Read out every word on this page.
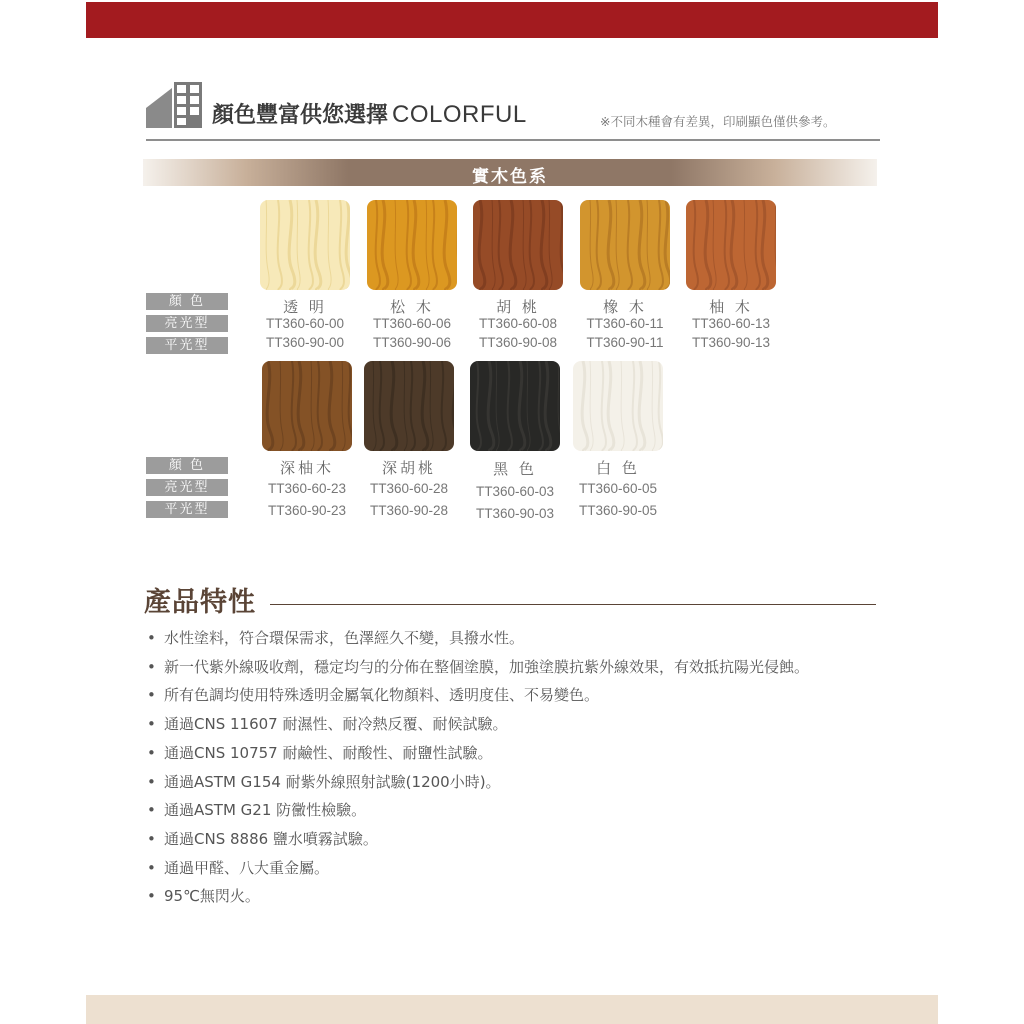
顏色豐富供您選擇 COLORFUL	※不同木種會有差異，印刷顯色僅供參考。
實木色系
顏 色
亮光型
平光型
透 明	松 木	胡 桃	橡 木	柚 木
TT360-60-00	TT360-60-06	TT360-60-08	TT360-60-11	TT360-60-13
TT360-90-00	TT360-90-06	TT360-90-08	TT360-90-11	TT360-90-13
顏 色
亮光型
平光型
深柚木	深胡桃	黑 色	白 色
TT360-60-23	TT360-60-28	TT360-60-03	TT360-60-05
TT360-90-23	TT360-90-28	TT360-90-03	TT360-90-05
產品特性
• 水性塗料，符合環保需求，色澤經久不變，具撥水性。
• 新一代紫外線吸收劑，穩定均勻的分佈在整個塗膜，加強塗膜抗紫外線效果，有效抵抗陽光侵蝕。
• 所有色調均使用特殊透明金屬氧化物顏料、透明度佳、不易變色。
• 通過CNS 11607 耐濕性、耐冷熱反覆、耐候試驗。
• 通過CNS 10757 耐鹼性、耐酸性、耐鹽性試驗。
• 通過ASTM G154 耐紫外線照射試驗(1200小時)。
• 通過ASTM G21 防黴性檢驗。
• 通過CNS 8886 鹽水噴霧試驗。
• 通過甲醛、八大重金屬。
• 95℃無閃火。
